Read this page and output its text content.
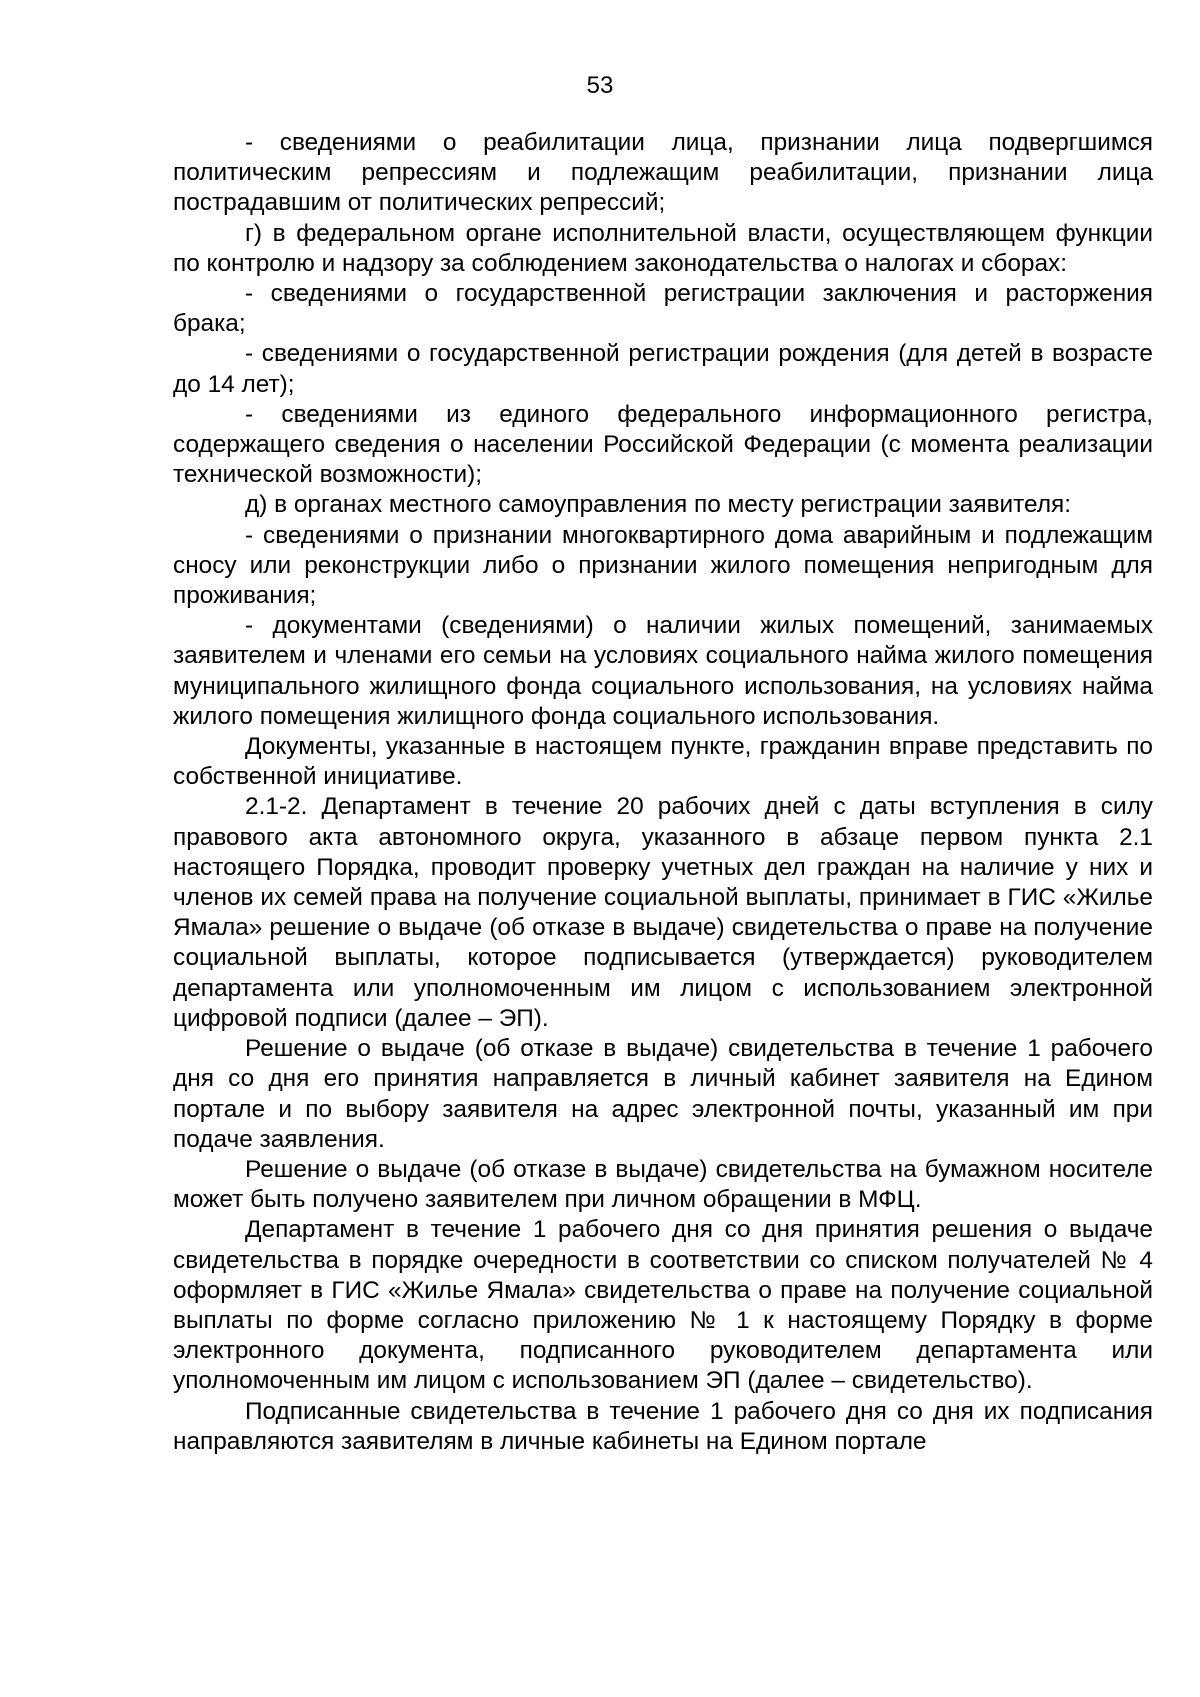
53

- сведениями о реабилитации лица, признании лица подвергшимся политическим репрессиям и подлежащим реабилитации, признании лица пострадавшим от политических репрессий;

г) в федеральном органе исполнительной власти, осуществляющем функции по контролю и надзору за соблюдением законодательства о налогах и сборах:

- сведениями о государственной регистрации заключения и расторжения брака;

- сведениями о государственной регистрации рождения (для детей в возрасте до 14 лет);

- сведениями из единого федерального информационного регистра, содержащего сведения о населении Российской Федерации (с момента реализации технической возможности);

д) в органах местного самоуправления по месту регистрации заявителя:

- сведениями о признании многоквартирного дома аварийным и подлежащим сносу или реконструкции либо о признании жилого помещения непригодным для проживания;

- документами (сведениями) о наличии жилых помещений, занимаемых заявителем и членами его семьи на условиях социального найма жилого помещения муниципального жилищного фонда социального использования, на условиях найма жилого помещения жилищного фонда социального использования.

Документы, указанные в настоящем пункте, гражданин вправе представить по собственной инициативе.

2.1-2. Департамент в течение 20 рабочих дней с даты вступления в силу правового акта автономного округа, указанного в абзаце первом пункта 2.1 настоящего Порядка, проводит проверку учетных дел граждан на наличие у них и членов их семей права на получение социальной выплаты, принимает в ГИС «Жилье Ямала» решение о выдаче (об отказе в выдаче) свидетельства о праве на получение социальной выплаты, которое подписывается (утверждается) руководителем департамента или уполномоченным им лицом с использованием электронной цифровой подписи (далее – ЭП).

Решение о выдаче (об отказе в выдаче) свидетельства в течение 1 рабочего дня со дня его принятия направляется в личный кабинет заявителя на Едином портале и по выбору заявителя на адрес электронной почты, указанный им при подаче заявления.

Решение о выдаче (об отказе в выдаче) свидетельства на бумажном носителе может быть получено заявителем при личном обращении в МФЦ.

Департамент в течение 1 рабочего дня со дня принятия решения о выдаче свидетельства в порядке очередности в соответствии со списком получателей № 4 оформляет в ГИС «Жилье Ямала» свидетельства о праве на получение социальной выплаты по форме согласно приложению № 1 к настоящему Порядку в форме электронного документа, подписанного руководителем департамента или уполномоченным им лицом с использованием ЭП (далее – свидетельство).

Подписанные свидетельства в течение 1 рабочего дня со дня их подписания направляются заявителям в личные кабинеты на Едином портале
